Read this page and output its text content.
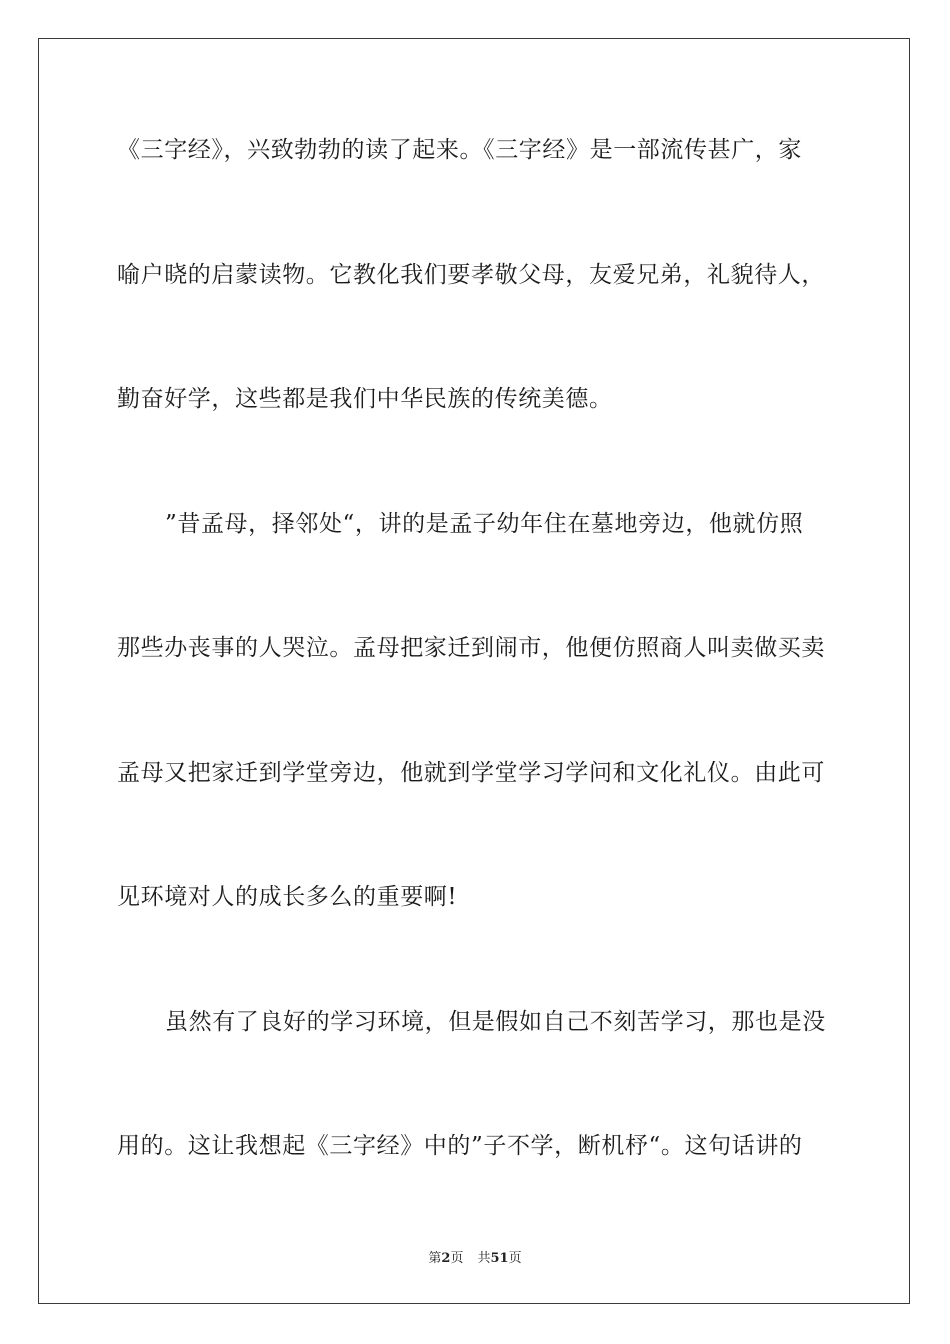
《三字经》，兴致勃勃的读了起来。《三字经》是一部流传甚广，家
喻户晓的启蒙读物。它教化我们要孝敬父母，友爱兄弟，礼貌待人，
勤奋好学，这些都是我们中华民族的传统美德。
”昔孟母，择邻处“，讲的是孟子幼年住在墓地旁边，他就仿照
那些办丧事的人哭泣。孟母把家迁到闹市，他便仿照商人叫卖做买卖
孟母又把家迁到学堂旁边，他就到学堂学习学问和文化礼仪。由此可
见环境对人的成长多么的重要啊!
虽然有了良好的学习环境，但是假如自己不刻苦学习，那也是没
用的。这让我想起《三字经》中的”子不学，断机杼“。这句话讲的
第2页 共51页
